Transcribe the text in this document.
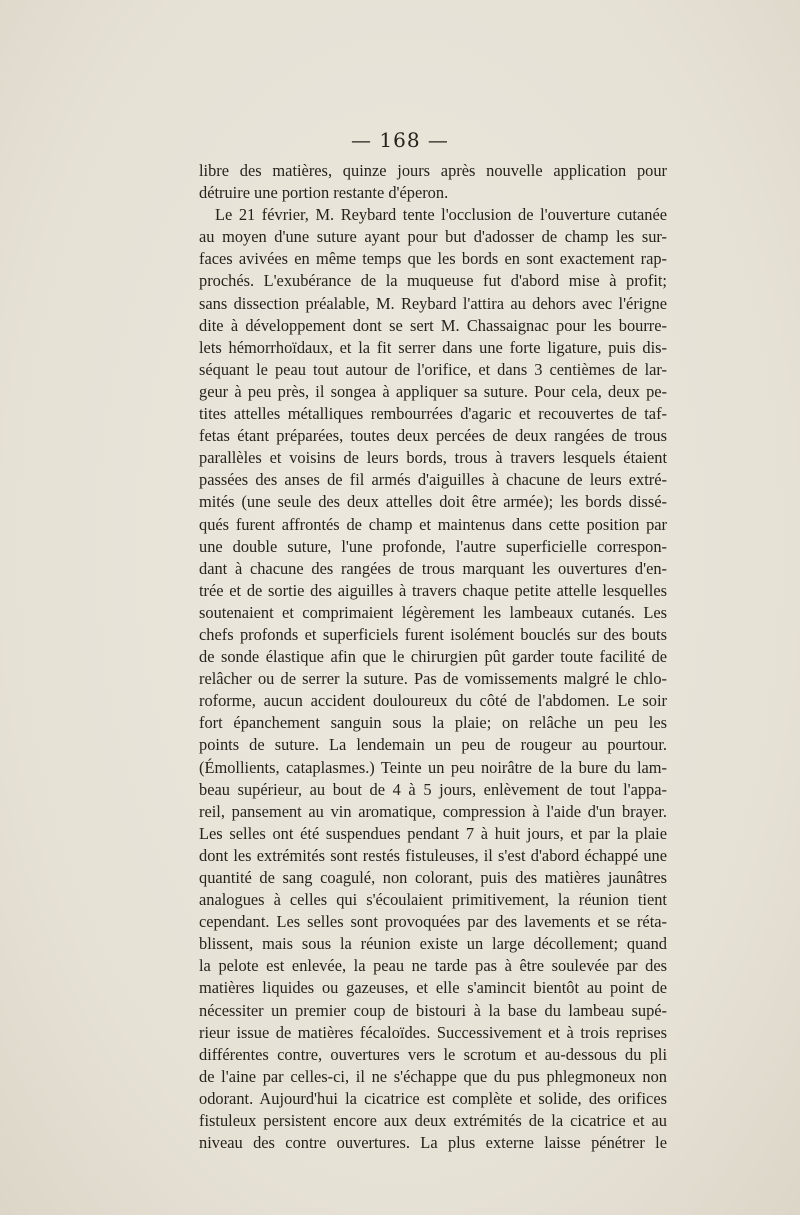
— 168 —

libre des matières, quinze jours après nouvelle application pour

détruire une portion restante d'éperon.

Le 21 février, M. Reybard tente l'occlusion de l'ouverture cutanée

au moyen d'une suture ayant pour but d'adosser de champ les sur-

faces avivées en même temps que les bords en sont exactement rap-

prochés. L'exubérance de la muqueuse fut d'abord mise à profit;

sans dissection préalable, M. Reybard l'attira au dehors avec l'érigne

dite à développement dont se sert M. Chassaignac pour les bourre-

lets hémorrhoïdaux, et la fit serrer dans une forte ligature, puis dis-

séquant le peau tout autour de l'orifice, et dans 3 centièmes de lar-

geur à peu près, il songea à appliquer sa suture. Pour cela, deux pe-

tites attelles métalliques rembourrées d'agaric et recouvertes de taf-

fetas étant préparées, toutes deux percées de deux rangées de trous

parallèles et voisins de leurs bords, trous à travers lesquels étaient

passées des anses de fil armés d'aiguilles à chacune de leurs extré-

mités (une seule des deux attelles doit être armée); les bords dissé-

qués furent affrontés de champ et maintenus dans cette position par

une double suture, l'une profonde, l'autre superficielle correspon-

dant à chacune des rangées de trous marquant les ouvertures d'en-

trée et de sortie des aiguilles à travers chaque petite attelle lesquelles

soutenaient et comprimaient légèrement les lambeaux cutanés. Les

chefs profonds et superficiels furent isolément bouclés sur des bouts

de sonde élastique afin que le chirurgien pût garder toute facilité de

relâcher ou de serrer la suture. Pas de vomissements malgré le chlo-

roforme, aucun accident douloureux du côté de l'abdomen. Le soir

fort épanchement sanguin sous la plaie; on relâche un peu les

points de suture. La lendemain un peu de rougeur au pourtour.

(Émollients, cataplasmes.) Teinte un peu noirâtre de la bure du lam-

beau supérieur, au bout de 4 à 5 jours, enlèvement de tout l'appa-

reil, pansement au vin aromatique, compression à l'aide d'un brayer.

Les selles ont été suspendues pendant 7 à huit jours, et par la plaie

dont les extrémités sont restés fistuleuses, il s'est d'abord échappé une

quantité de sang coagulé, non colorant, puis des matières jaunâtres

analogues à celles qui s'écoulaient primitivement, la réunion tient

cependant. Les selles sont provoquées par des lavements et se réta-

blissent, mais sous la réunion existe un large décollement; quand

la pelote est enlevée, la peau ne tarde pas à être soulevée par des

matières liquides ou gazeuses, et elle s'amincit bientôt au point de

nécessiter un premier coup de bistouri à la base du lambeau supé-

rieur issue de matières fécaloïdes. Successivement et à trois reprises

différentes contre, ouvertures vers le scrotum et au-dessous du pli

de l'aine par celles-ci, il ne s'échappe que du pus phlegmoneux non

odorant. Aujourd'hui la cicatrice est complète et solide, des orifices

fistuleux persistent encore aux deux extrémités de la cicatrice et au

niveau des contre ouvertures. La plus externe laisse pénétrer le
